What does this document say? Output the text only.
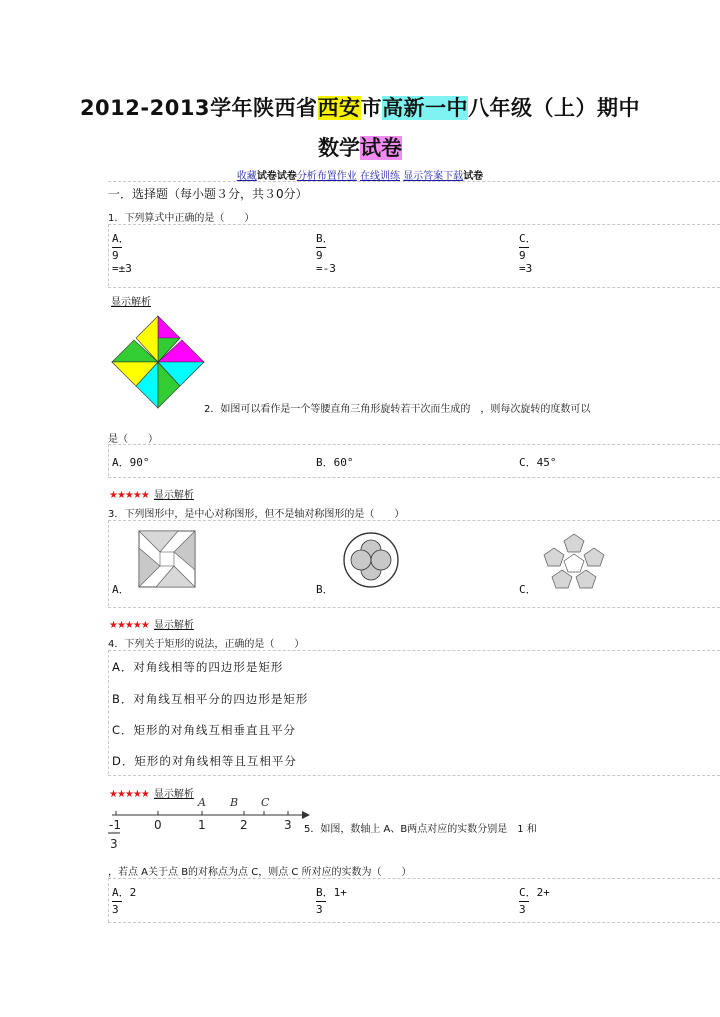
2012-2013学年陕西省西安市高新一中八年级（上）期中
数学试卷
收藏试卷试卷分析布置作业 在线训练 显示答案下载试卷
一．选择题（每小题３分，共３0分）
1．下列算式中正确的是（　　）
A．
9
=±3
B．
9
=-3
C．
9
=3
显示解析
2．如图可以看作是一个等腰直角三角形旋转若干次而生成的　，则每次旋转的度数可以
是（　　）
A．90°	B．60°	C．45°
★★★★★ 显示解析
3．下列图形中，是中心对称图形，但不是轴对称图形的是（　　）
A．	B．	C．
★★★★★ 显示解析
4．下列关于矩形的说法，正确的是（　　）
A．对角线相等的四边形是矩形
B．对角线互相平分的四边形是矩形
C．矩形的对角线互相垂直且平分
D．矩形的对角线相等且互相平分
★★★★★ 显示解析
A B C
-1	0	1	2	3
3
5．如图，数轴上 A、B两点对应的实数分别是　1 和
，若点 A关于点 B的对称点为点 C，则点 C 所对应的实数为（　　）
A．2
3
B．1+
3
C．2+
3
